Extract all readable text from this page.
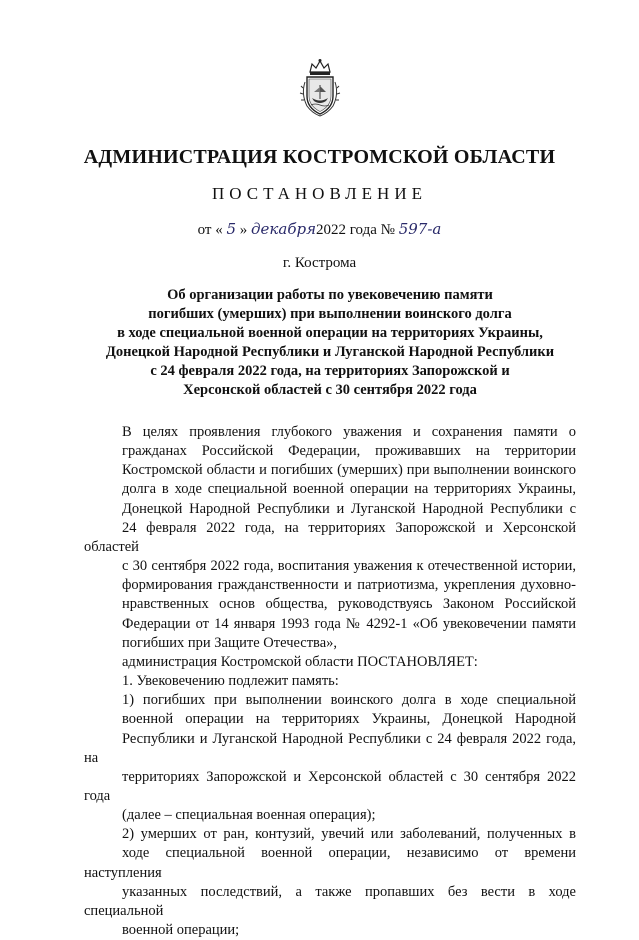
АДМИНИСТРАЦИЯ КОСТРОМСКОЙ ОБЛАСТИ
ПОСТАНОВЛЕНИЕ
от « 5 » декабря2022 года № 597-а
г. Кострома
Об организации работы по увековечению памяти
погибших (умерших) при выполнении воинского долга
в ходе специальной военной операции на территориях Украины,
Донецкой Народной Республики и Луганской Народной Республики
с 24 февраля 2022 года, на территориях Запорожской и
Херсонской областей с 30 сентября 2022 года

В целях проявления глубокого уважения и сохранения памяти о
гражданах Российской Федерации, проживавших на территории
Костромской области и погибших (умерших) при выполнении воинского
долга в ходе специальной военной операции на территориях Украины,
Донецкой Народной Республики и Луганской Народной Республики с
24 февраля 2022 года, на территориях Запорожской и Херсонской областей
с 30 сентября 2022 года, воспитания уважения к отечественной истории,
формирования гражданственности и патриотизма, укрепления духовно-
нравственных основ общества, руководствуясь Законом Российской
Федерации от 14 января 1993 года № 4292-1 «Об увековечении памяти
погибших при Защите Отечества»,

администрация Костромской области ПОСТАНОВЛЯЕТ:

1. Увековечению подлежит память:

1) погибших при выполнении воинского долга в ходе специальной
военной операции на территориях Украины, Донецкой Народной
Республики и Луганской Народной Республики с 24 февраля 2022 года, на
территориях Запорожской и Херсонской областей с 30 сентября 2022 года
(далее – специальная военная операция);

2) умерших от ран, контузий, увечий или заболеваний, полученных в
ходе специальной военной операции, независимо от времени наступления
указанных последствий, а также пропавших без вести в ходе специальной
военной операции;
